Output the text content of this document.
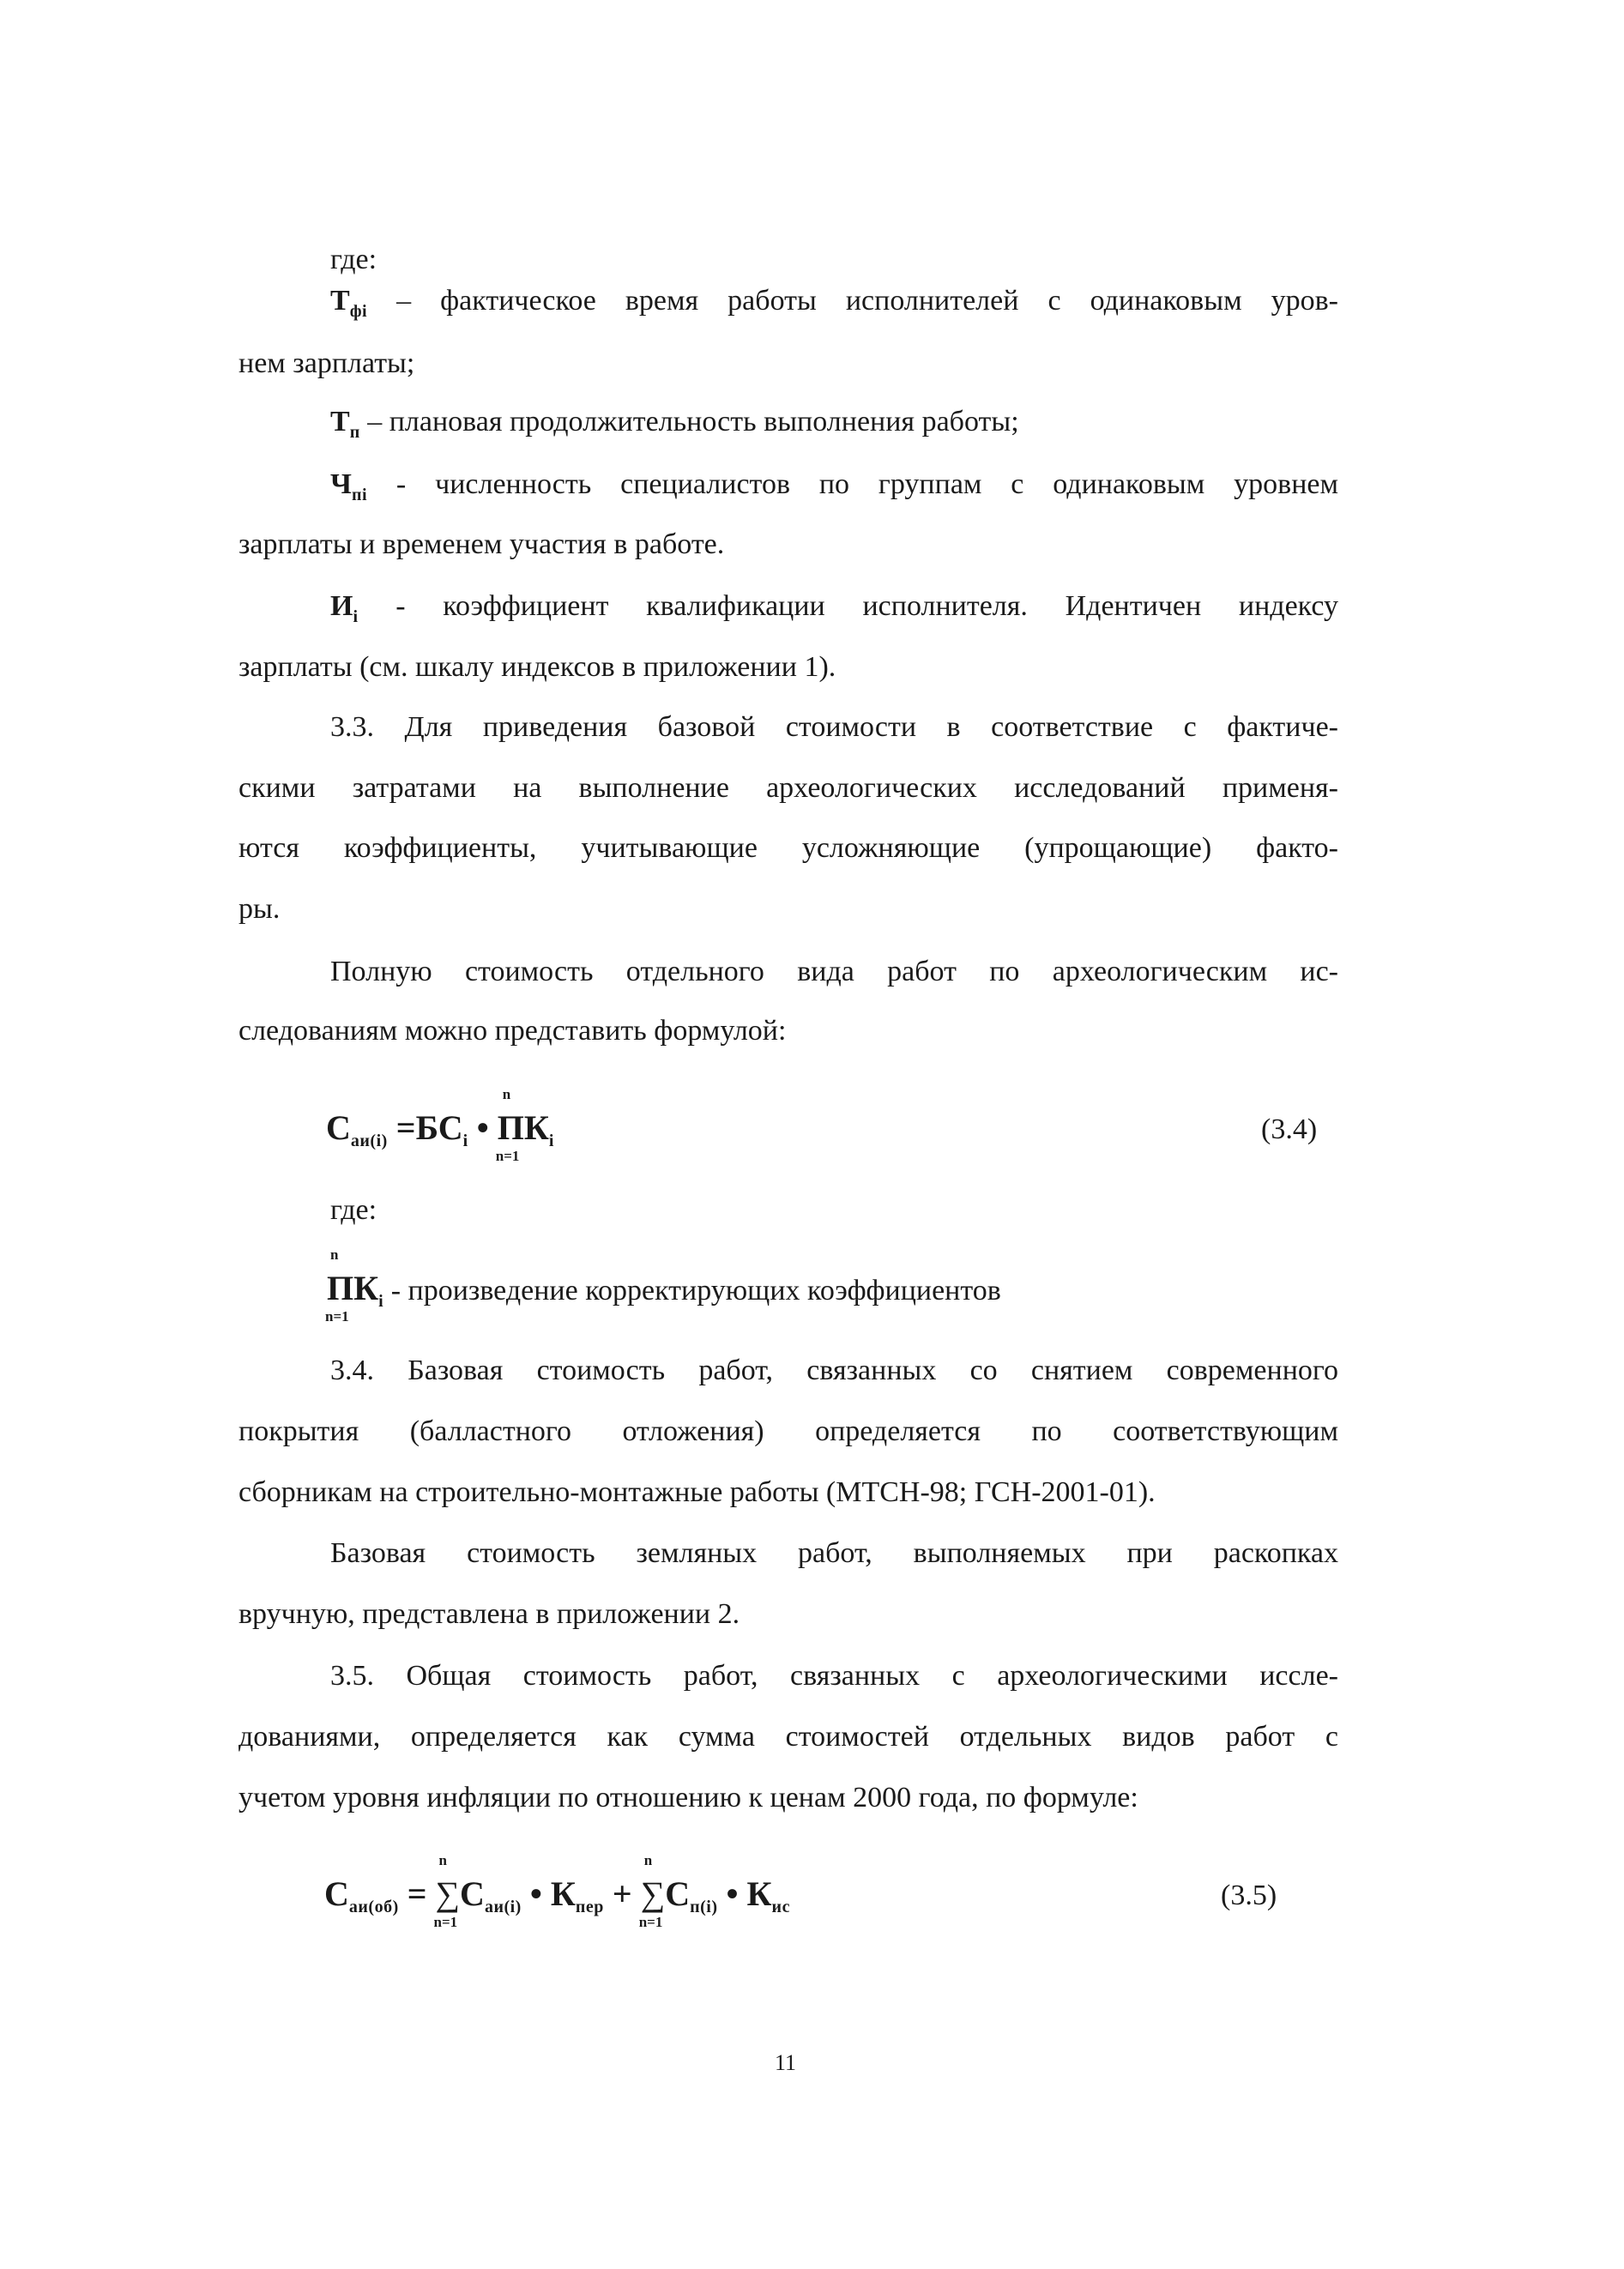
где:
$Т_{фi}$ – фактическое время работы исполнителей с одинаковым уров-
нем зарплаты;
$Т_п$ – плановая продолжительность выполнения работы;
$Ч_{пi}$ - численность специалистов по группам с одинаковым уровнем
зарплаты и временем участия в работе.
$И_i$ - коэффициент квалификации исполнителя. Идентичен индексу
зарплаты (см. шкалу индексов в приложении 1).
3.3. Для приведения базовой стоимости в соответствие с фактиче-
скими затратами на выполнение археологических исследований применя-
ются коэффициенты, учитывающие усложняющие (упрощающие) факто-
ры.
Полную стоимость отдельного вида работ по археологическим ис-
следованиям можно представить формулой:
$С_{аи(i)} =БС_i$ •
n
ПК
n=1
$_i$	(3.4)
где:
n
ПК
n=1
$_i$ - произведение корректирующих коэффициентов
3.4. Базовая стоимость работ, связанных со снятием современного
покрытия (балластного отложения) определяется по соответствующим
сборникам на строительно-монтажные работы (МТСН-98; ГСН-2001-01).
Базовая стоимость земляных работ, выполняемых при раскопках
вручную, представлена в приложении 2.
3.5. Общая стоимость работ, связанных с археологическими иссле-
дованиями, определяется как сумма стоимостей отдельных видов работ с
учетом уровня инфляции по отношению к ценам 2000 года, по формуле:
$С_{аи(об)}$ =
n
∑
n=1
$С_{аи(i)}$ • $К_{пер}$ +
n
∑
n=1
$С_{п(i)}$ • $К_{ис}$	(3.5)
11
